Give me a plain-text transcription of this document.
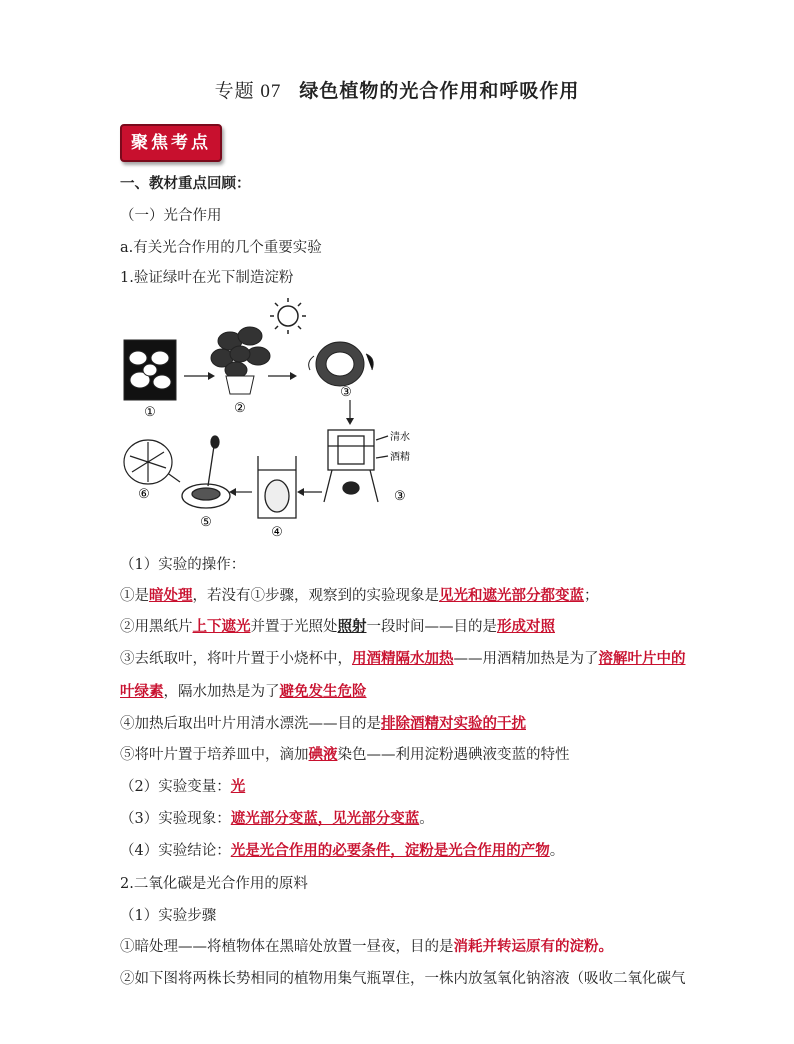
专题 07 绿色植物的光合作用和呼吸作用
聚焦考点
一、教材重点回顾：
（一）光合作用
a.有关光合作用的几个重要实验
1.验证绿叶在光下制造淀粉
①	②
③
清水
酒精
③
④
⑤
⑥
（1）实验的操作：
①是暗处理，若没有①步骤，观察到的实验现象是见光和遮光部分都变蓝；
②用黑纸片上下遮光并置于光照处照射一段时间——目的是形成对照
③去纸取叶，将叶片置于小烧杯中，用酒精隔水加热——用酒精加热是为了溶解叶片中的
叶绿素，隔水加热是为了避免发生危险
④加热后取出叶片用清水漂洗——目的是排除酒精对实验的干扰
⑤将叶片置于培养皿中，滴加碘液染色——利用淀粉遇碘液变蓝的特性
（2）实验变量：光
（3）实验现象：遮光部分变蓝，见光部分变蓝。
（4）实验结论：光是光合作用的必要条件，淀粉是光合作用的产物。
2.二氧化碳是光合作用的原料
（1）实验步骤
①暗处理——将植物体在黑暗处放置一昼夜，目的是消耗并转运原有的淀粉。
②如下图将两株长势相同的植物用集气瓶罩住，一株内放氢氧化钠溶液（吸收二氧化碳气
